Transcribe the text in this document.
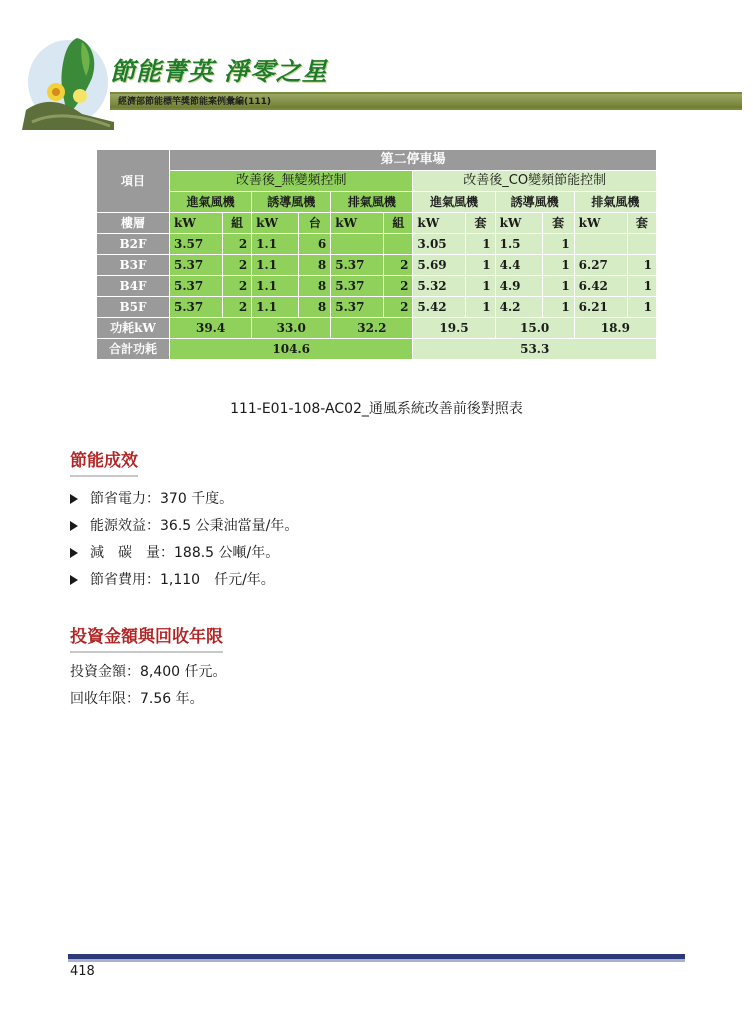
節能菁英 淨零之星
經濟部節能標竿獎節能案例彙編(111)
項目	第二停車場											
	改善後_無變頻控制						改善後_CO變頻節能控制					
	進氣風機		誘導風機		排氣風機		進氣風機		誘導風機		排氣風機	
樓層	kW	組	kW	台	kW	組	kW	套	kW	套	kW	套
B2F	3.57	2	1.1	6			3.05	1	1.5	1		
B3F	5.37	2	1.1	8	5.37	2	5.69	1	4.4	1	6.27	1
B4F	5.37	2	1.1	8	5.37	2	5.32	1	4.9	1	6.42	1
B5F	5.37	2	1.1	8	5.37	2	5.42	1	4.2	1	6.21	1
功耗kW	39.4		33.0		32.2		19.5		15.0		18.9	
合計功耗	104.6						53.3					
111-E01-108-AC02_通風系統改善前後對照表
節能成效
節省電力：370 千度。
能源效益：36.5 公秉油當量/年。
減　碳　量：188.5 公噸/年。
節省費用：1,110　仟元/年。
投資金額與回收年限
投資金額：8,400 仟元。
回收年限：7.56 年。
418
